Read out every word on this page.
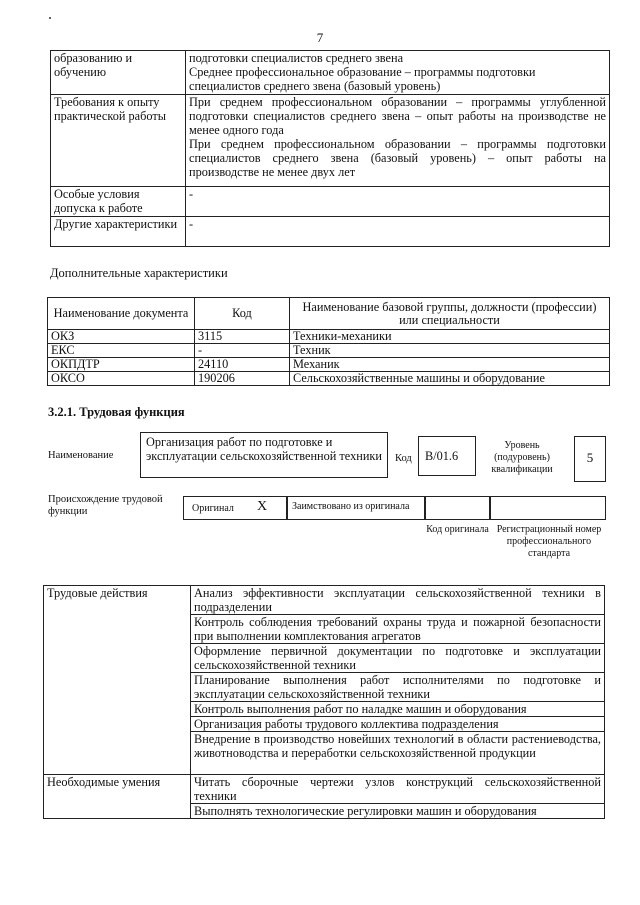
7
образованию и обучению	подготовки специалистов среднего звена
Среднее профессиональное образование – программы подготовки специалистов среднего звена (базовый уровень)

Требования к опыту практической работы	При среднем профессиональном образовании – программы углубленной подготовки специалистов среднего звена – опыт работы на производстве не менее одного года
При среднем профессиональном образовании – программы подготовки специалистов среднего звена (базовый уровень) – опыт работы на производстве не менее двух лет

Особые условия допуска к работе	-
Другие характеристики	-
Дополнительные характеристики
Наименование документа	Код	Наименование базовой группы, должности (профессии) или специальности
ОКЗ	3115	Техники-механики
ЕКС	-	Техник
ОКПДТР	24110	Механик
ОКСО	190206	Сельскохозяйственные машины и оборудование
3.2.1. Трудовая функция
Наименование
Организация работ по подготовке и эксплуатации сельскохозяйственной техники	Код	В/01.6
Уровень (подуровень) квалификации
5
Происхождение трудовой функции	Оригинал X	Заимствовано из оригинала
Код оригинала Регистрационный номер профессионального стандарта
Трудовые действия	Анализ эффективности эксплуатации сельскохозяйственной техники в подразделении
	Контроль соблюдения требований охраны труда и пожарной безопасности при выполнении комплектования агрегатов
	Оформление первичной документации по подготовке и эксплуатации сельскохозяйственной техники
	Планирование выполнения работ исполнителями по подготовке и эксплуатации сельскохозяйственной техники
	Контроль выполнения работ по наладке машин и оборудования
	Организация работы трудового коллектива подразделения
	Внедрение в производство новейших технологий в области растениеводства, животноводства и переработки сельскохозяйственной продукции
Необходимые умения	Читать сборочные чертежи узлов конструкций сельскохозяйственной техники
	Выполнять технологические регулировки машин и оборудования
